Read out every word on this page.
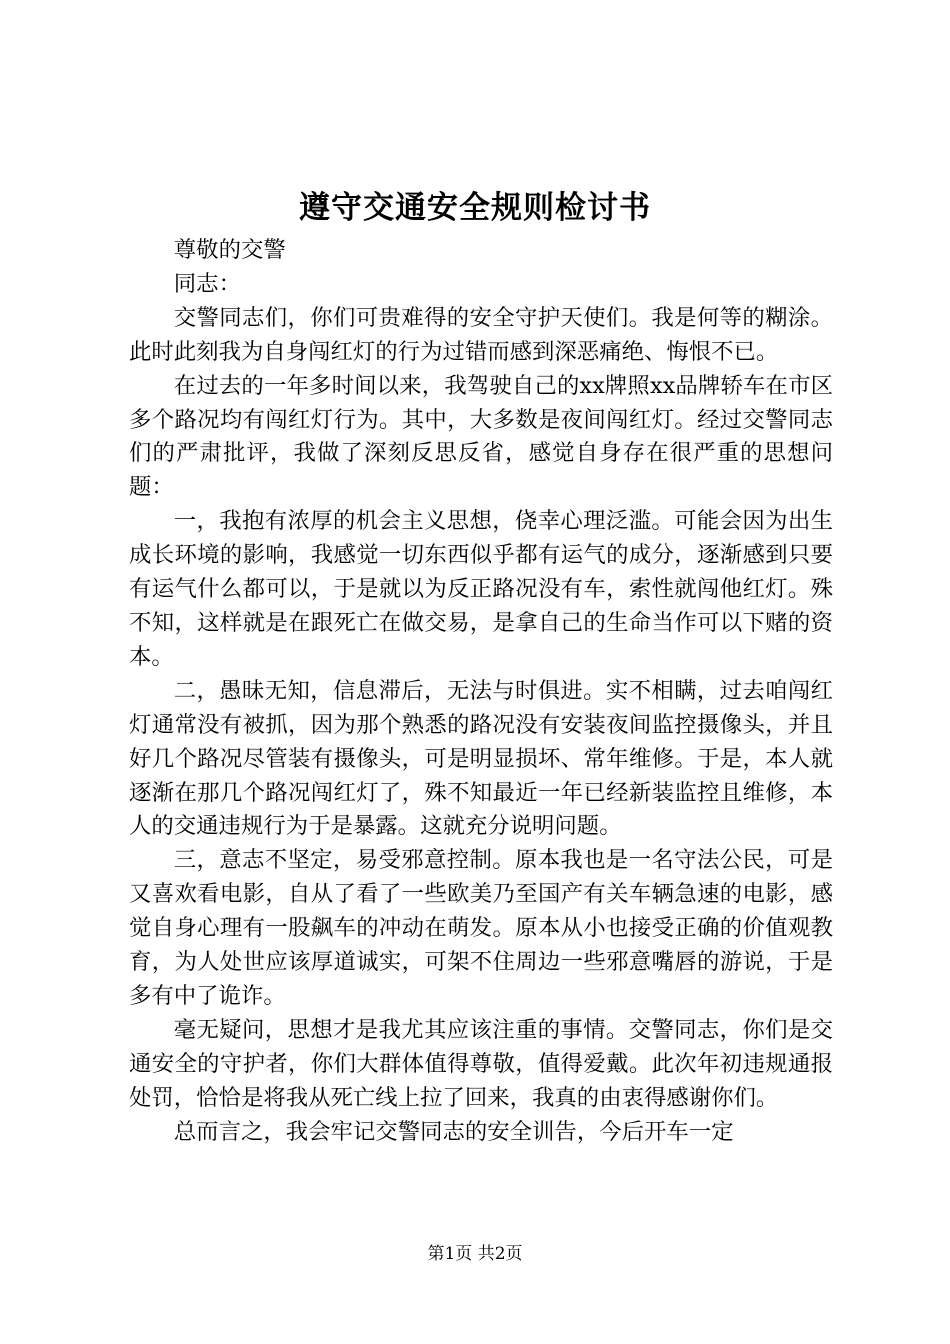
遵守交通安全规则检讨书

尊敬的交警

同志：

交警同志们，你们可贵难得的安全守护天使们。我是何等的糊涂。此时此刻我为自身闯红灯的行为过错而感到深恶痛绝、悔恨不已。

在过去的一年多时间以来，我驾驶自己的xx牌照xx品牌轿车在市区多个路况均有闯红灯行为。其中，大多数是夜间闯红灯。经过交警同志们的严肃批评，我做了深刻反思反省，感觉自身存在很严重的思想问题：

一，我抱有浓厚的机会主义思想，侥幸心理泛滥。可能会因为出生成长环境的影响，我感觉一切东西似乎都有运气的成分，逐渐感到只要有运气什么都可以，于是就以为反正路况没有车，索性就闯他红灯。殊不知，这样就是在跟死亡在做交易，是拿自己的生命当作可以下赌的资本。

二，愚昧无知，信息滞后，无法与时俱进。实不相瞒，过去咱闯红灯通常没有被抓，因为那个熟悉的路况没有安装夜间监控摄像头，并且好几个路况尽管装有摄像头，可是明显损坏、常年维修。于是，本人就逐渐在那几个路况闯红灯了，殊不知最近一年已经新装监控且维修，本人的交通违规行为于是暴露。这就充分说明问题。

三，意志不坚定，易受邪意控制。原本我也是一名守法公民，可是又喜欢看电影，自从了看了一些欧美乃至国产有关车辆急速的电影，感觉自身心理有一股飙车的冲动在萌发。原本从小也接受正确的价值观教育，为人处世应该厚道诚实，可架不住周边一些邪意嘴唇的游说，于是多有中了诡诈。

毫无疑问，思想才是我尤其应该注重的事情。交警同志，你们是交通安全的守护者，你们大群体值得尊敬，值得爱戴。此次年初违规通报处罚，恰恰是将我从死亡线上拉了回来，我真的由衷得感谢你们。

总而言之，我会牢记交警同志的安全训告，今后开车一定

第1页 共2页
